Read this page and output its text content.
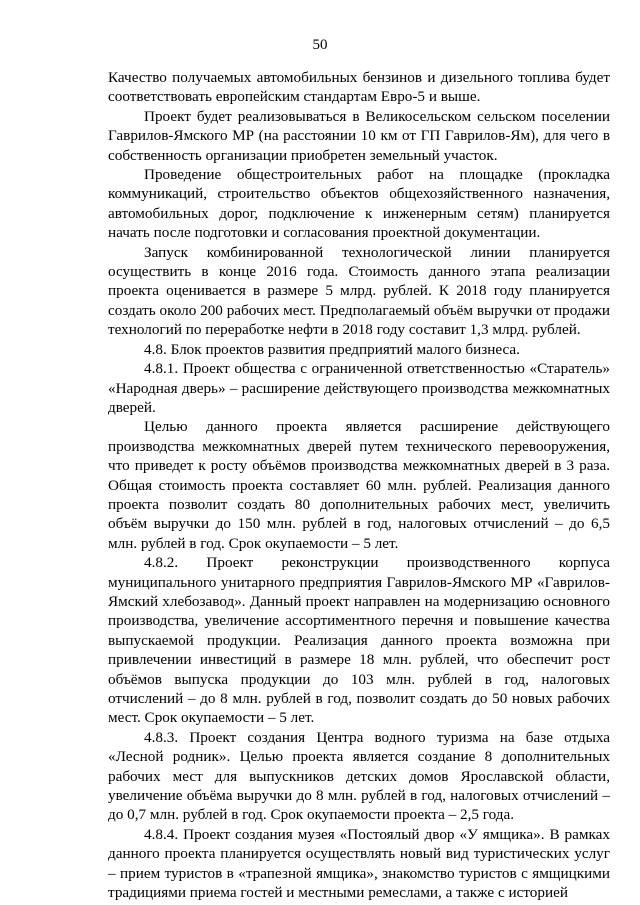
50

Качество получаемых автомобильных бензинов и дизельного топлива будет соответствовать европейским стандартам Евро-5 и выше.

Проект будет реализовываться в Великосельском сельском поселении Гаврилов-Ямского МР (на расстоянии 10 км от ГП Гаврилов-Ям), для чего в собственность организации приобретен земельный участок.

Проведение общестроительных работ на площадке (прокладка коммуникаций, строительство объектов общехозяйственного назначения, автомобильных дорог, подключение к инженерным сетям) планируется начать после подготовки и согласования проектной документации.

Запуск комбинированной технологической линии планируется осуществить в конце 2016 года. Стоимость данного этапа реализации проекта оценивается в размере 5 млрд. рублей. К 2018 году планируется создать около 200 рабочих мест. Предполагаемый объём выручки от продажи технологий по переработке нефти в 2018 году составит 1,3 млрд. рублей.

4.8. Блок проектов развития предприятий малого бизнеса.

4.8.1. Проект общества с ограниченной ответственностью «Старатель» «Народная дверь» – расширение действующего производства межкомнатных дверей.

Целью данного проекта является расширение действующего производства межкомнатных дверей путем технического перевооружения, что приведет к росту объёмов производства межкомнатных дверей в 3 раза. Общая стоимость проекта составляет 60 млн. рублей. Реализация данного проекта позволит создать 80 дополнительных рабочих мест, увеличить объём выручки до 150 млн. рублей в год, налоговых отчислений – до 6,5 млн. рублей в год. Срок окупаемости – 5 лет.

4.8.2. Проект реконструкции производственного корпуса муниципального унитарного предприятия Гаврилов-Ямского МР «Гаврилов-Ямский хлебозавод». Данный проект направлен на модернизацию основного производства, увеличение ассортиментного перечня и повышение качества выпускаемой продукции. Реализация данного проекта возможна при привлечении инвестиций в размере 18 млн. рублей, что обеспечит рост объёмов выпуска продукции до 103 млн. рублей в год, налоговых отчислений – до 8 млн. рублей в год, позволит создать до 50 новых рабочих мест. Срок окупаемости – 5 лет.

4.8.3. Проект создания Центра водного туризма на базе отдыха «Лесной родник». Целью проекта является создание 8 дополнительных рабочих мест для выпускников детских домов Ярославской области, увеличение объёма выручки до 8 млн. рублей в год, налоговых отчислений – до 0,7 млн. рублей в год. Срок окупаемости проекта – 2,5 года.

4.8.4. Проект создания музея «Постоялый двор «У ямщика». В рамках данного проекта планируется осуществлять новый вид туристических услуг – прием туристов в «трапезной ямщика», знакомство туристов с ямщицкими традициями приема гостей и местными ремеслами, а также с историей
